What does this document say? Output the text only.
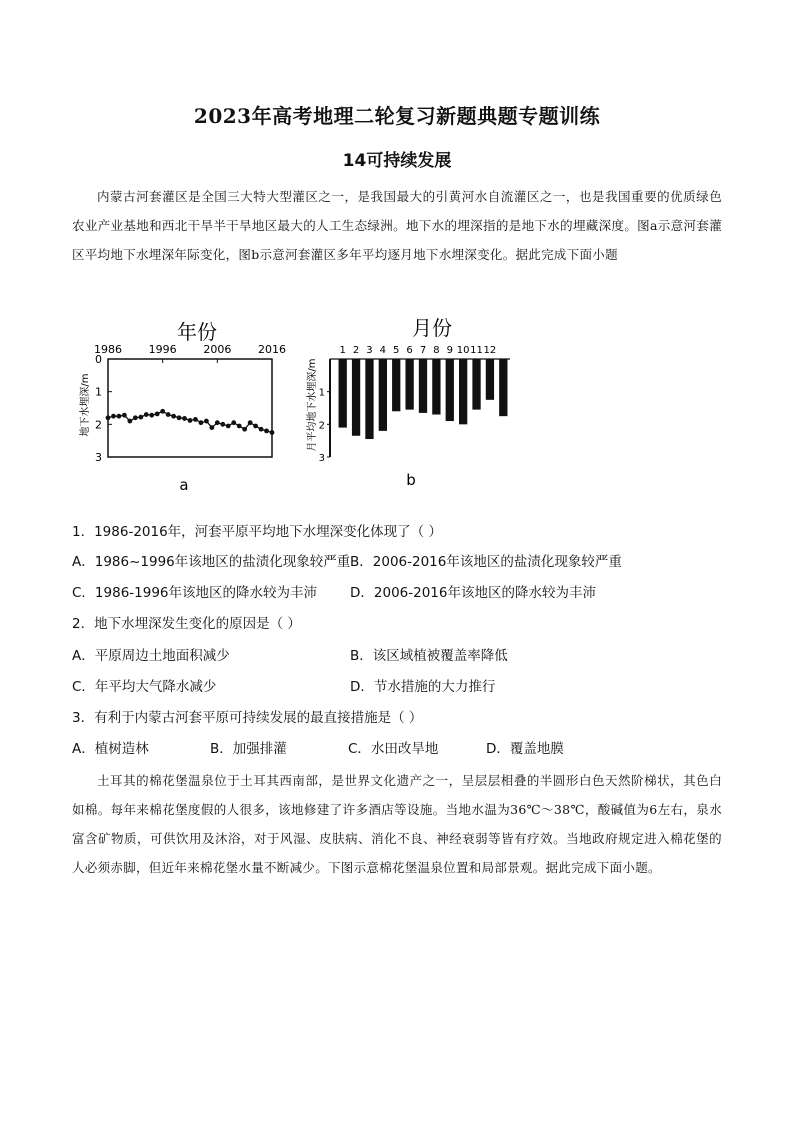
2023年高考地理二轮复习新题典题专题训练
14可持续发展
内蒙古河套灌区是全国三大特大型灌区之一，是我国最大的引黄河水自流灌区之一，也是我国重要的优质绿色农业产业基地和西北干旱半干旱地区最大的人工生态绿洲。地下水的埋深指的是地下水的埋藏深度。图a示意河套灌区平均地下水埋深年际变化，图b示意河套灌区多年平均逐月地下水埋深变化。据此完成下面小题
年份
1986 1996 2006 2016
0
1
2
3
地下水埋深/m
a
月份
1 2 3 4 5 6 7 8 9 10 11 12
1
2
3
月平均地下水埋深/m
b
1．1986-2016年，河套平原平均地下水埋深变化体现了（ ）
A．1986~1996年该地区的盐渍化现象较严重 B．2006-2016年该地区的盐渍化现象较严重
C．1986-1996年该地区的降水较为丰沛 D．2006-2016年该地区的降水较为丰沛
2．地下水埋深发生变化的原因是（ ）
A．平原周边土地面积减少	B．该区域植被覆盖率降低
C．年平均大气降水减少	D．节水措施的大力推行
3．有利于内蒙古河套平原可持续发展的最直接措施是（ ）
A．植树造林	B．加强排灌	C．水田改旱地	D．覆盖地膜
土耳其的棉花堡温泉位于土耳其西南部，是世界文化遗产之一，呈层层相叠的半圆形白色天然阶梯状，其色白如棉。每年来棉花堡度假的人很多，该地修建了许多酒店等设施。当地水温为36℃～38℃，酸碱值为6左右，泉水富含矿物质，可供饮用及沐浴，对于风湿、皮肤病、消化不良、神经衰弱等皆有疗效。当地政府规定进入棉花堡的人必须赤脚，但近年来棉花堡水量不断减少。下图示意棉花堡温泉位置和局部景观。据此完成下面小题。
